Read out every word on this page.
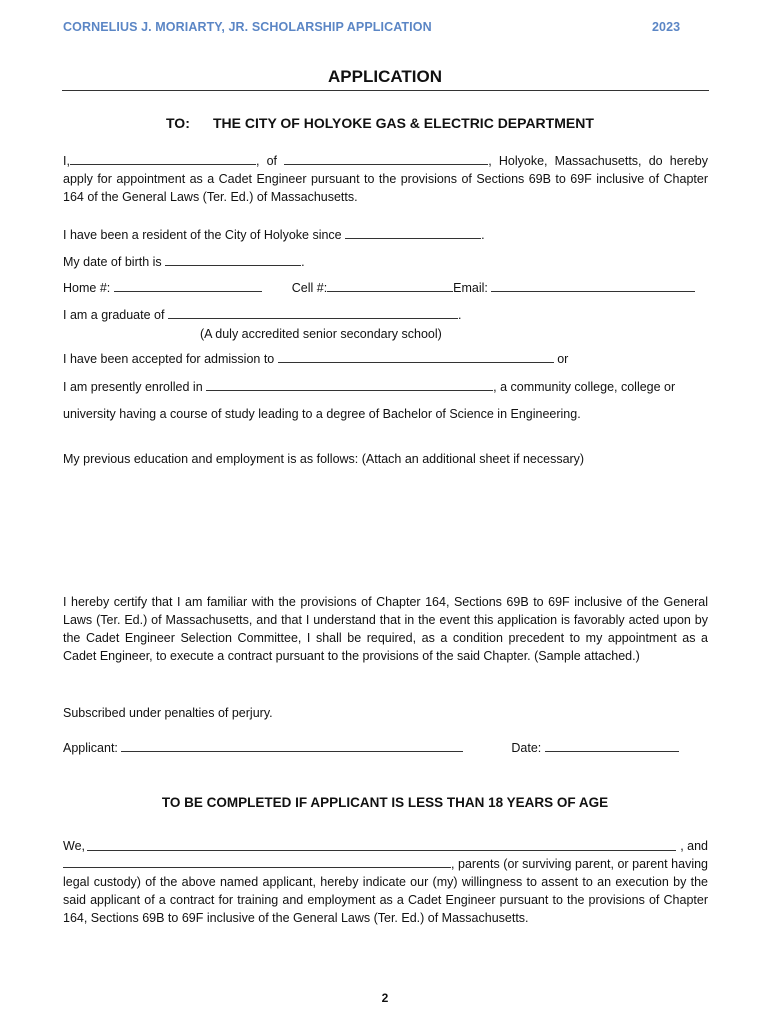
CORNELIUS J. MORIARTY, JR. SCHOLARSHIP APPLICATION	2023
APPLICATION
TO: THE CITY OF HOLYOKE GAS & ELECTRIC DEPARTMENT
I,	, of	, Holyoke, Massachusetts, do hereby apply for appointment as a Cadet Engineer pursuant to the provisions of Sections 69B to 69F inclusive of Chapter 164 of the General Laws (Ter. Ed.) of Massachusetts.
I have been a resident of the City of Holyoke since	.
My date of birth is	.
Home #:	Cell #:	Email:
I am a graduate of	.
(A duly accredited senior secondary school)
I have been accepted for admission to	or
I am presently enrolled in	, a community college, college or
university having a course of study leading to a degree of Bachelor of Science in Engineering.
My previous education and employment is as follows: (Attach an additional sheet if necessary)
I hereby certify that I am familiar with the provisions of Chapter 164, Sections 69B to 69F inclusive of the General Laws (Ter. Ed.) of Massachusetts, and that I understand that in the event this application is favorably acted upon by the Cadet Engineer Selection Committee, I shall be required, as a condition precedent to my appointment as a Cadet Engineer, to execute a contract pursuant to the provisions of the said Chapter. (Sample attached.)
Subscribed under penalties of perjury.
Applicant:	Date:
TO BE COMPLETED IF APPLICANT IS LESS THAN 18 YEARS OF AGE
We,	, and
, parents (or surviving parent, or parent having legal custody) of the above named applicant, hereby indicate our (my) willingness to assent to an execution by the said applicant of a contract for training and employment as a Cadet Engineer pursuant to the provisions of Chapter 164, Sections 69B to 69F inclusive of the General Laws (Ter. Ed.) of Massachusetts.
2
